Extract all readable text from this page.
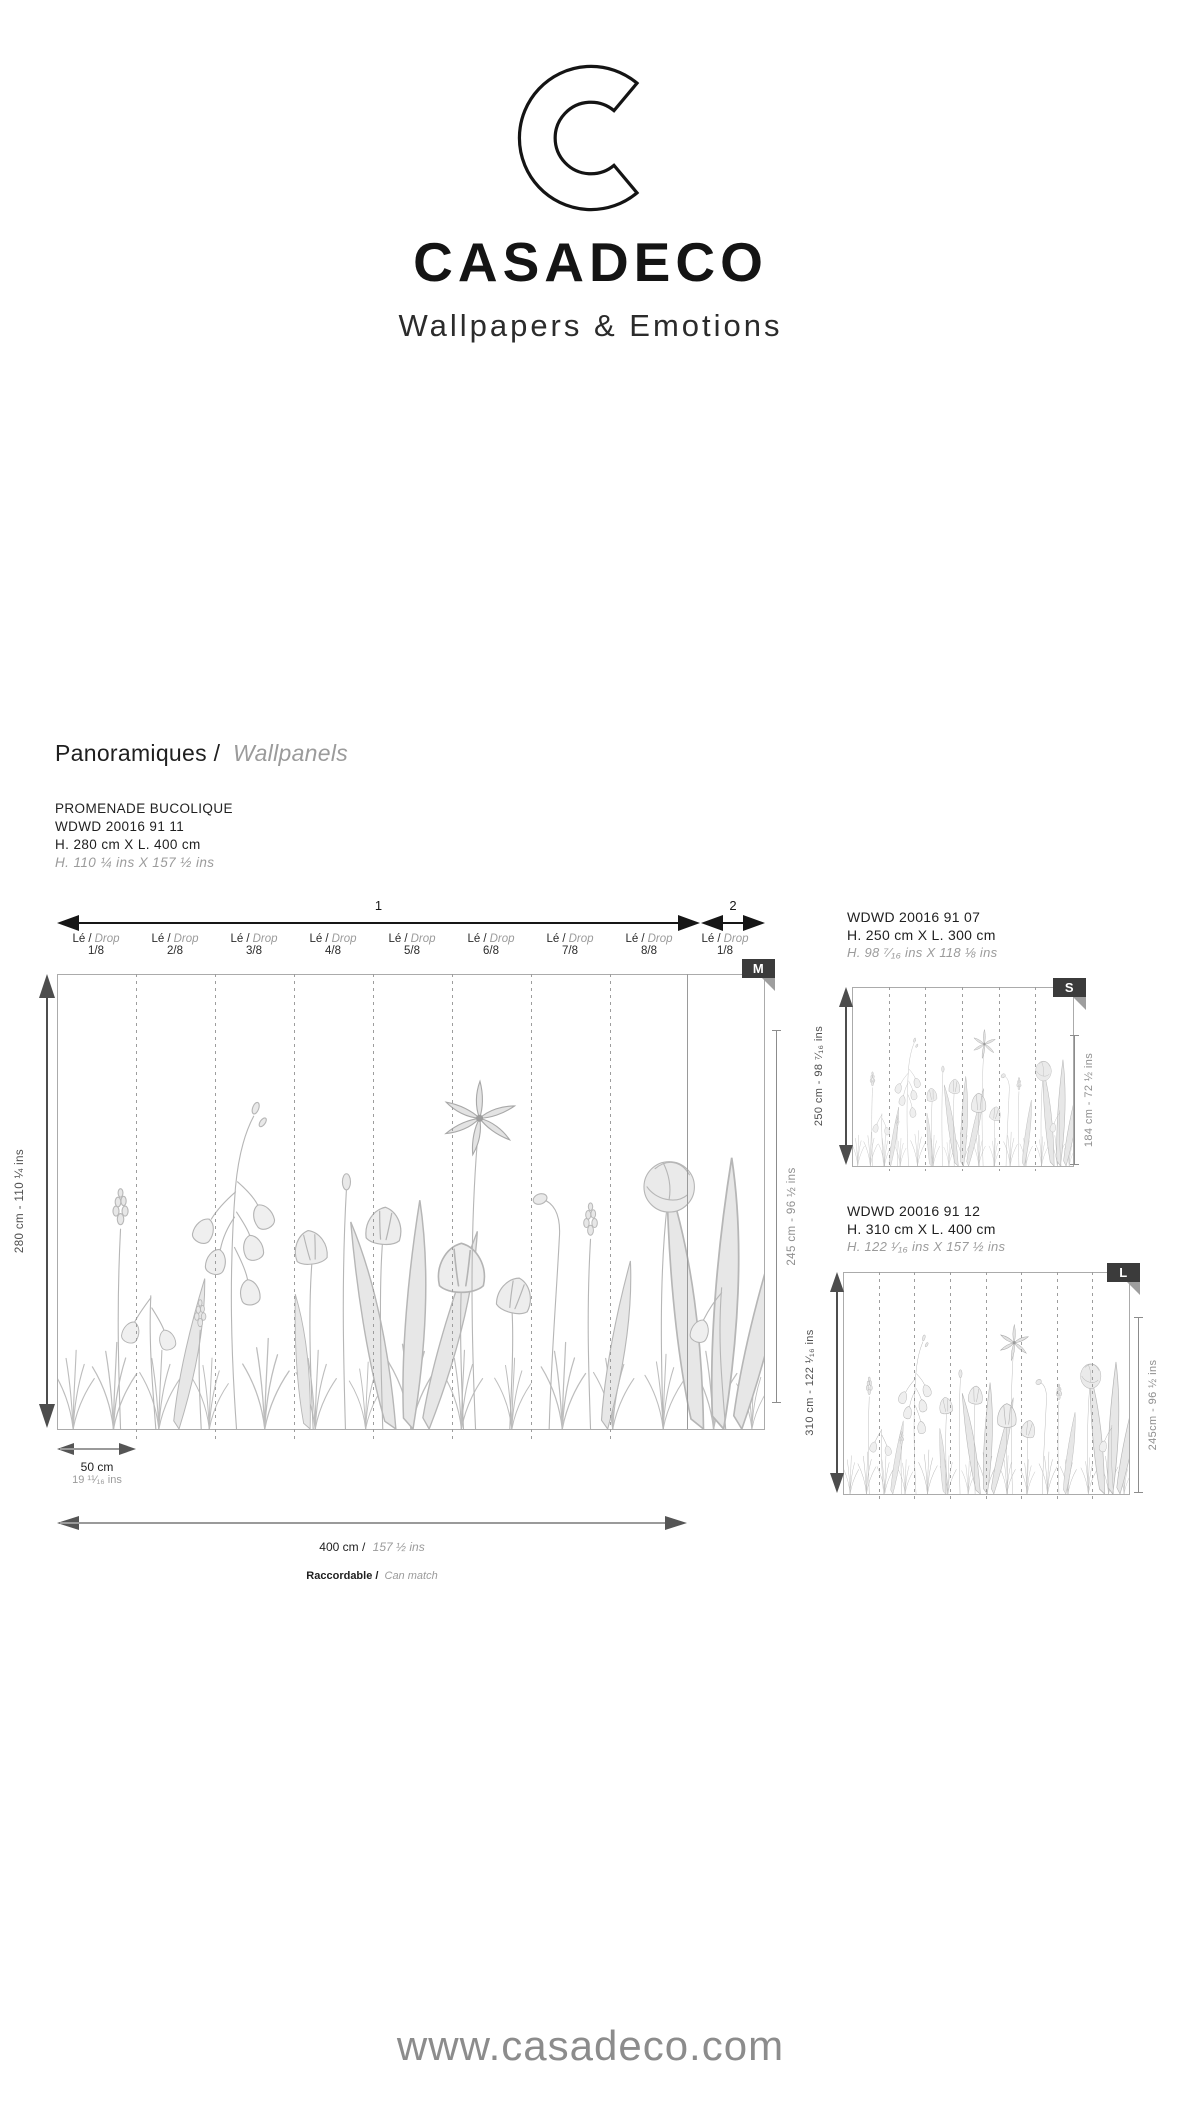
CASADECO
Wallpapers & Emotions
Panoramiques / Wallpanels
PROMENADE BUCOLIQUE
WDWD 20016 91 11
H. 280 cm X L. 400 cm
H. 110 ¼ ins X 157 ½ ins
1	2
Lé / Drop
1/8
Lé / Drop
2/8
Lé / Drop
3/8
Lé / Drop
4/8
Lé / Drop
5/8
Lé / Drop
6/8
Lé / Drop
7/8
Lé / Drop
8/8
Lé / Drop
1/8
M
280 cm - 110 ¼ ins	245 cm - 96 ½ ins
50 cm
19 ¹¹⁄₁₆ ins
400 cm / 157 ½ ins
Raccordable / Can match
WDWD 20016 91 07
H. 250 cm X L. 300 cm
H. 98 ⁷⁄₁₆ ins X 118 ⅛ ins
S
250 cm - 98 ⁷⁄₁₆ ins	184 cm - 72 ½ ins
WDWD 20016 91 12
H. 310 cm X L. 400 cm
H. 122 ¹⁄₁₆ ins X 157 ½ ins
L
310 cm - 122 ¹⁄₁₆ ins	245cm - 96 ½ ins
www.casadeco.com
